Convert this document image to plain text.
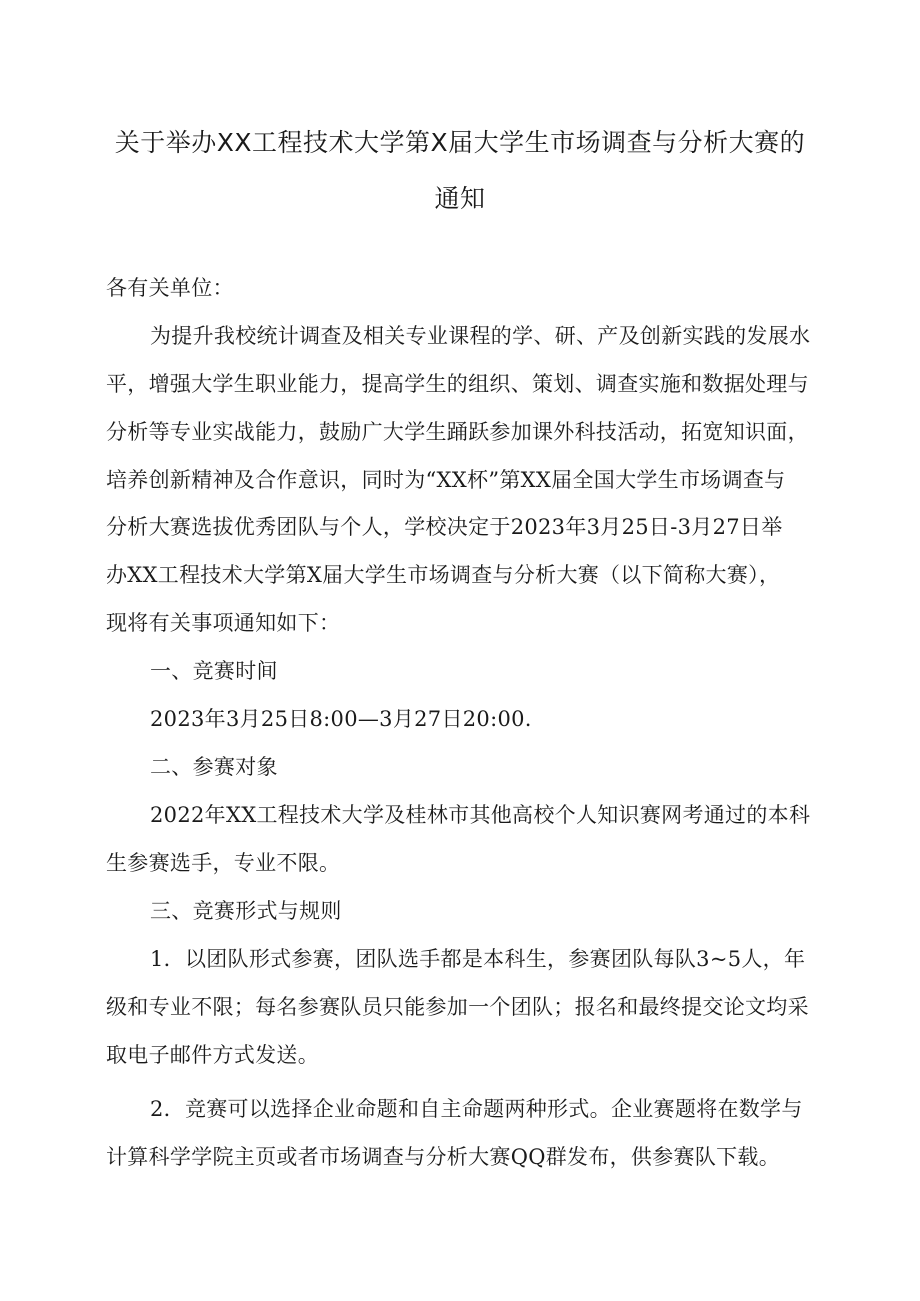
关于举办XX工程技术大学第X届大学生市场调查与分析大赛的
通知

各有关单位：

为提升我校统计调查及相关专业课程的学、研、产及创新实践的发展水

平，增强大学生职业能力，提高学生的组织、策划、调查实施和数据处理与

分析等专业实战能力，鼓励广大学生踊跃参加课外科技活动，拓宽知识面，

培养创新精神及合作意识，同时为“XX杯”第XX届全国大学生市场调查与

分析大赛选拔优秀团队与个人，学校决定于2023年3月25日-3月27日举

办XX工程技术大学第X届大学生市场调查与分析大赛（以下简称大赛），

现将有关事项通知如下：

一、竞赛时间

2023年3月25日8:00—3月27日20:00.

二、参赛对象

2022年XX工程技术大学及桂林市其他高校个人知识赛网考通过的本科

生参赛选手，专业不限。

三、竞赛形式与规则

1．以团队形式参赛，团队选手都是本科生，参赛团队每队3~5人，年

级和专业不限；每名参赛队员只能参加一个团队；报名和最终提交论文均采

取电子邮件方式发送。

2．竞赛可以选择企业命题和自主命题两种形式。企业赛题将在数学与

计算科学学院主页或者市场调查与分析大赛QQ群发布，供参赛队下载。
